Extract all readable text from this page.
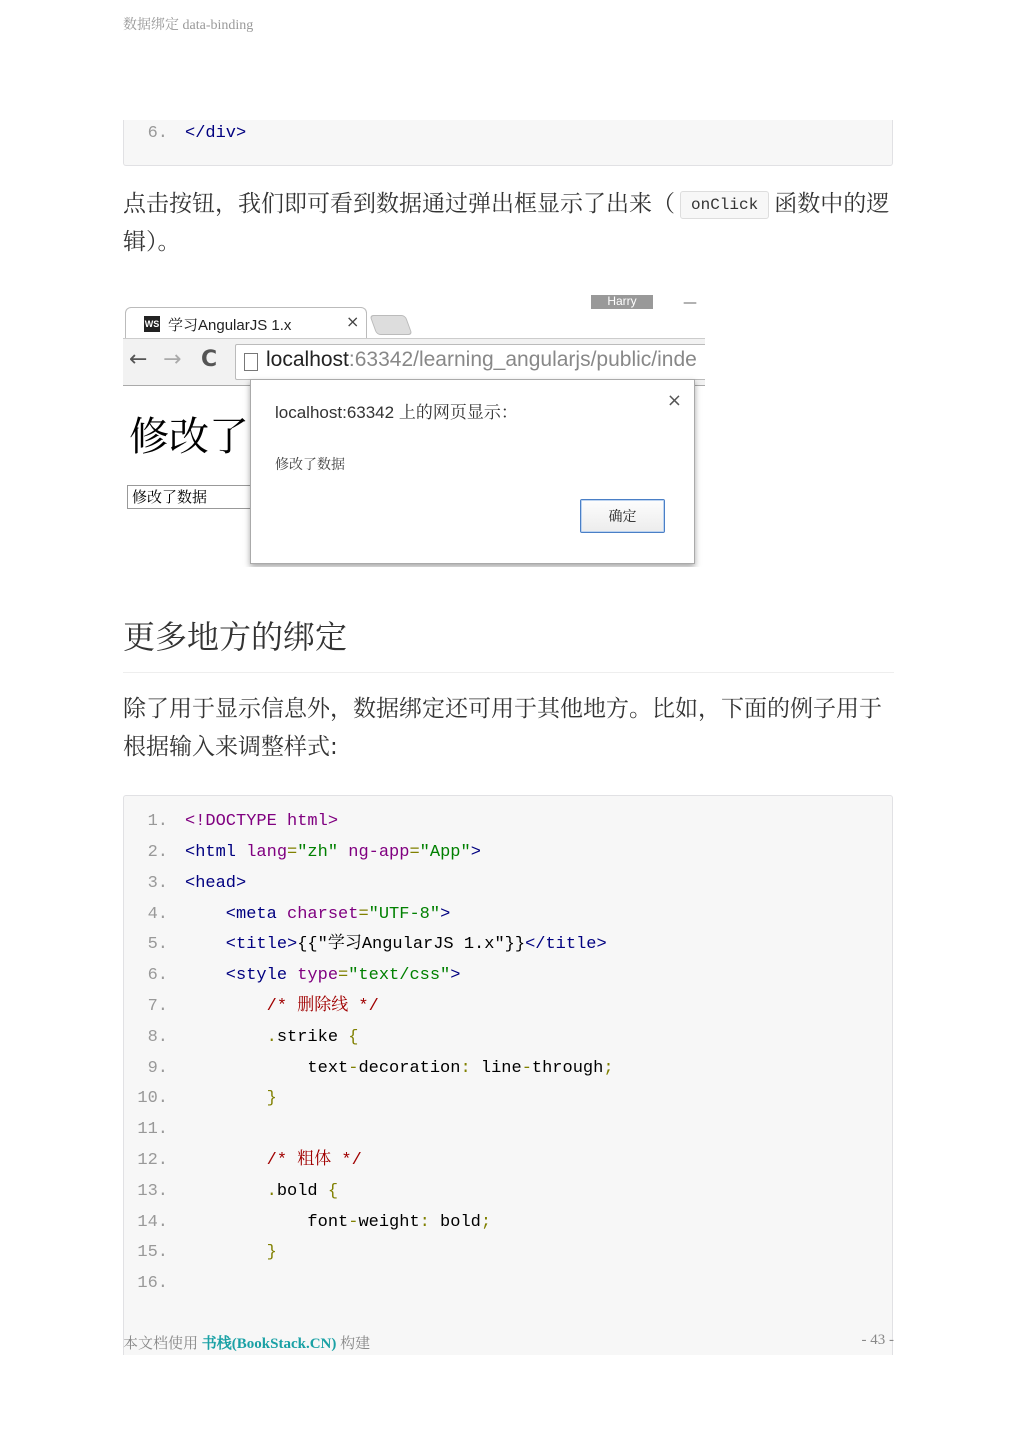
数据绑定 data-binding
6. </div>
点击按钮，我们即可看到数据通过弹出框显示了出来（ onClick 函数中的逻辑）。
WS 学习AngularJS 1.x	×
Harry	—
← → C localhost:63342/learning_angularjs/public/inde
修改了
修改了数据
localhost:63342 上的网页显示：
×
修改了数据
确定
更多地方的绑定
除了用于显示信息外，数据绑定还可用于其他地方。比如，下面的例子用于根据输入来调整样式:
1. <!DOCTYPE html>
2. <html lang="zh" ng-app="App">
3. <head>
4.    <meta charset="UTF-8">
5.    <title>{{"学习AngularJS 1.x"}}</title>
6.    <style type="text/css">
7.        /* 删除线 */
8.        .strike {
9.            text-decoration: line-through;
10.        }
11.
12.        /* 粗体 */
13.        .bold {
14.            font-weight: bold;
15.        }
16.
本文档使用 书栈(BookStack.CN) 构建	- 43 -
